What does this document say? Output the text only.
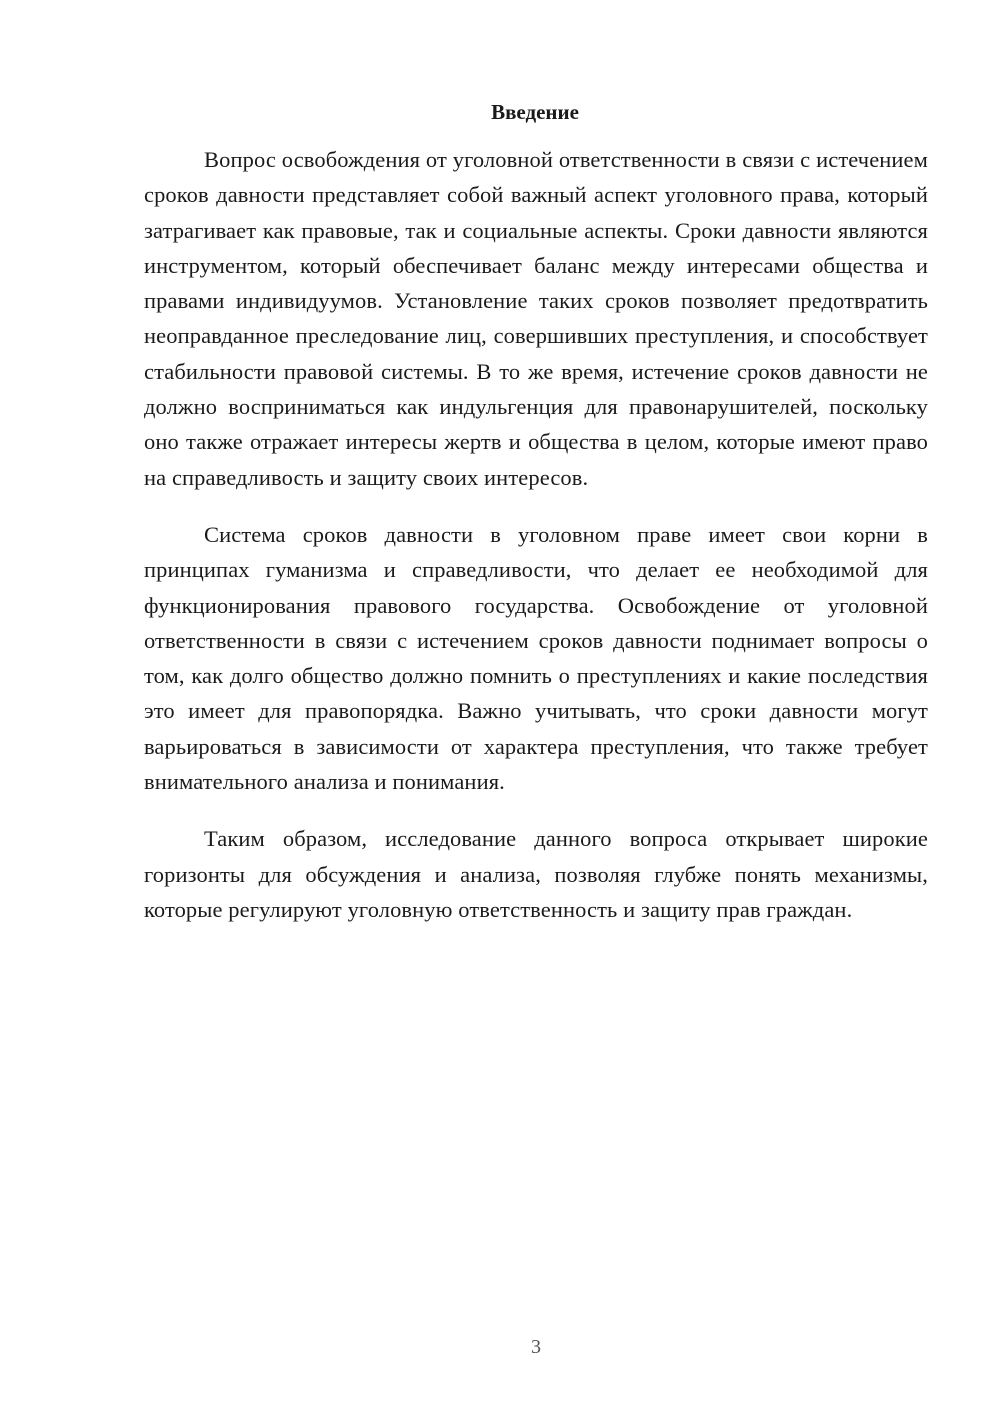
Введение

Вопрос освобождения от уголовной ответственности в связи с истечением сроков давности представляет собой важный аспект уголовного права, который затрагивает как правовые, так и социальные аспекты. Сроки давности являются инструментом, который обеспечивает баланс между интересами общества и правами индивидуумов. Установление таких сроков позволяет предотвратить неоправданное преследование лиц, совершивших преступления, и способствует стабильности правовой системы. В то же время, истечение сроков давности не должно восприниматься как индульгенция для правонарушителей, поскольку оно также отражает интересы жертв и общества в целом, которые имеют право на справедливость и защиту своих интересов.

Система сроков давности в уголовном праве имеет свои корни в принципах гуманизма и справедливости, что делает ее необходимой для функционирования правового государства. Освобождение от уголовной ответственности в связи с истечением сроков давности поднимает вопросы о том, как долго общество должно помнить о преступлениях и какие последствия это имеет для правопорядка. Важно учитывать, что сроки давности могут варьироваться в зависимости от характера преступления, что также требует внимательного анализа и понимания.

Таким образом, исследование данного вопроса открывает широкие горизонты для обсуждения и анализа, позволяя глубже понять механизмы, которые регулируют уголовную ответственность и защиту прав граждан.

3
